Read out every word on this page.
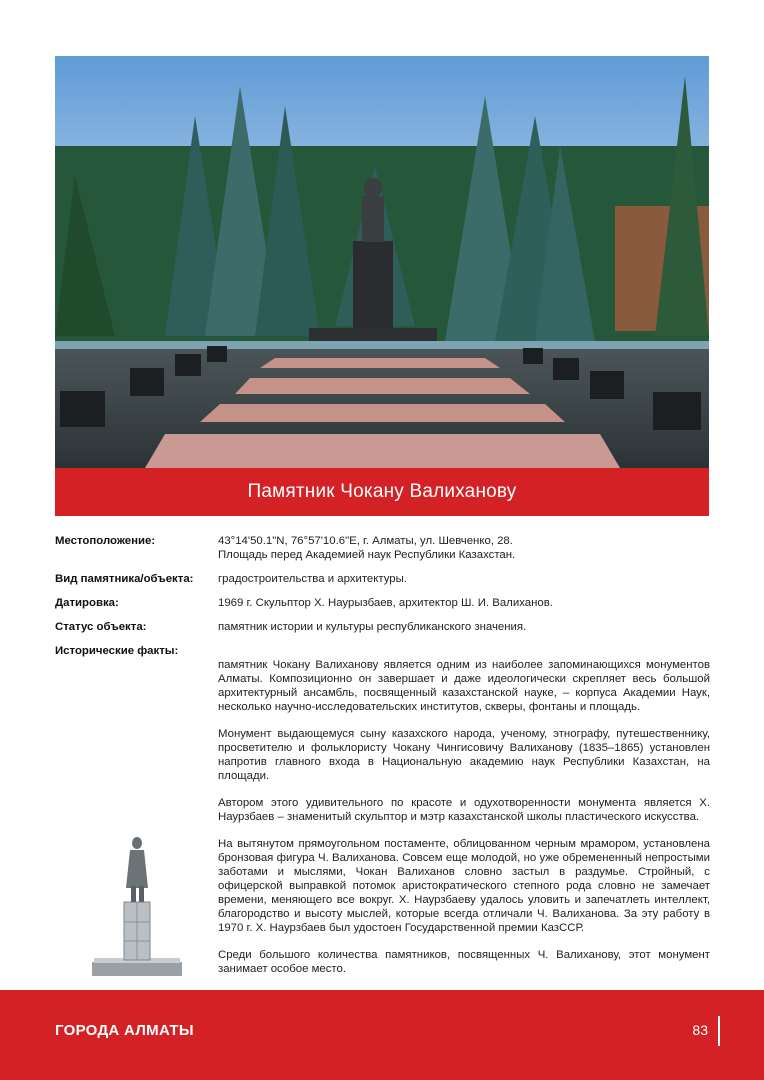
Памятник Чокану Валиханову
Местоположение:	43°14'50.1"N, 76°57'10.6"E, г. Алматы, ул. Шевченко, 28.
Площадь перед Академией наук Республики Казахстан.
Вид памятника/объекта:	градостроительства и архитектуры.
Датировка:	1969 г. Скульптор Х. Наурызбаев, архитектор Ш. И. Валиханов.
Статус объекта:	памятник истории и культуры республиканского значения.
Исторические факты:

памятник Чокану Валиханову является одним из наиболее запоминающихся монументов Алматы. Композиционно он завершает и даже идеологически скрепляет весь большой архитектурный ансамбль, посвященный казахстанской науке, – корпуса Академии Наук, несколько научно-исследовательских институтов, скверы, фонтаны и площадь.

Монумент выдающемуся сыну казахского народа, ученому, этнографу, путешественнику, просветителю и фольклористу Чокану Чингисовичу Валиханову (1835–1865) установлен напротив главного входа в Национальную академию наук Республики Казахстан, на площади.

Автором этого удивительного по красоте и одухотворенности монумента является Х. Наурзбаев – знаменитый скульптор и мэтр казахстанской школы пластического искусства.

На вытянутом прямоугольном постаменте, облицованном черным мрамором, установлена бронзовая фигура Ч. Валиханова. Совсем еще молодой, но уже обремененный непростыми заботами и мыслями, Чокан Валиханов словно застыл в раздумье. Стройный, с офицерской выправкой потомок аристократического степного рода словно не замечает времени, меняющего все вокруг. Х. Наурзбаеву удалось уловить и запечатлеть интеллект, благородство и высоту мыслей, которые всегда отличали Ч. Валиханова. За эту работу в 1970 г. Х. Наурзбаев был удостоен Государственной премии КазССР.

Среди большого количества памятников, посвященных Ч. Валиханову, этот монумент занимает особое место.

ГОРОДА АЛМАТЫ	83
